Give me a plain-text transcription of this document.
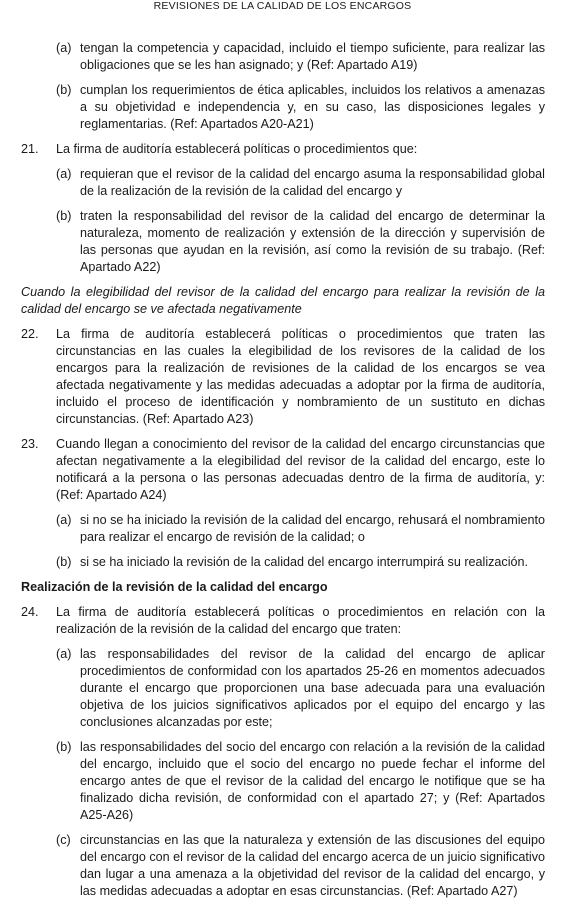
REVISIONES DE LA CALIDAD DE LOS ENCARGOS
(a) tengan la competencia y capacidad, incluido el tiempo suficiente, para realizar las obligaciones que se les han asignado; y (Ref: Apartado A19)
(b) cumplan los requerimientos de ética aplicables, incluidos los relativos a amenazas a su objetividad e independencia y, en su caso, las disposiciones legales y reglamentarias. (Ref: Apartados A20-A21)
21.	La firma de auditoría establecerá políticas o procedimientos que:
(a) requieran que el revisor de la calidad del encargo asuma la responsabilidad global de la realización de la revisión de la calidad del encargo y
(b) traten la responsabilidad del revisor de la calidad del encargo de determinar la naturaleza, momento de realización y extensión de la dirección y supervisión de las personas que ayudan en la revisión, así como la revisión de su trabajo. (Ref: Apartado A22)
Cuando la elegibilidad del revisor de la calidad del encargo para realizar la revisión de la calidad del encargo se ve afectada negativamente
22.	La firma de auditoría establecerá políticas o procedimientos que traten las circunstancias en las cuales la elegibilidad de los revisores de la calidad de los encargos para la realización de revisiones de la calidad de los encargos se vea afectada negativamente y las medidas adecuadas a adoptar por la firma de auditoría, incluido el proceso de identificación y nombramiento de un sustituto en dichas circunstancias. (Ref: Apartado A23)
23.	Cuando llegan a conocimiento del revisor de la calidad del encargo circunstancias que afectan negativamente a la elegibilidad del revisor de la calidad del encargo, este lo notificará a la persona o las personas adecuadas dentro de la firma de auditoría, y: (Ref: Apartado A24)
(a) si no se ha iniciado la revisión de la calidad del encargo, rehusará el nombramiento para realizar el encargo de revisión de la calidad; o
(b) si se ha iniciado la revisión de la calidad del encargo interrumpirá su realización.
Realización de la revisión de la calidad del encargo
24.	La firma de auditoría establecerá políticas o procedimientos en relación con la realización de la revisión de la calidad del encargo que traten:
(a) las responsabilidades del revisor de la calidad del encargo de aplicar procedimientos de conformidad con los apartados 25-26 en momentos adecuados durante el encargo que proporcionen una base adecuada para una evaluación objetiva de los juicios significativos aplicados por el equipo del encargo y las conclusiones alcanzadas por este;
(b) las responsabilidades del socio del encargo con relación a la revisión de la calidad del encargo, incluido que el socio del encargo no puede fechar el informe del encargo antes de que el revisor de la calidad del encargo le notifique que se ha finalizado dicha revisión, de conformidad con el apartado 27; y (Ref: Apartados A25-A26)
(c) circunstancias en las que la naturaleza y extensión de las discusiones del equipo del encargo con el revisor de la calidad del encargo acerca de un juicio significativo dan lugar a una amenaza a la objetividad del revisor de la calidad del encargo, y las medidas adecuadas a adoptar en esas circunstancias. (Ref: Apartado A27)
